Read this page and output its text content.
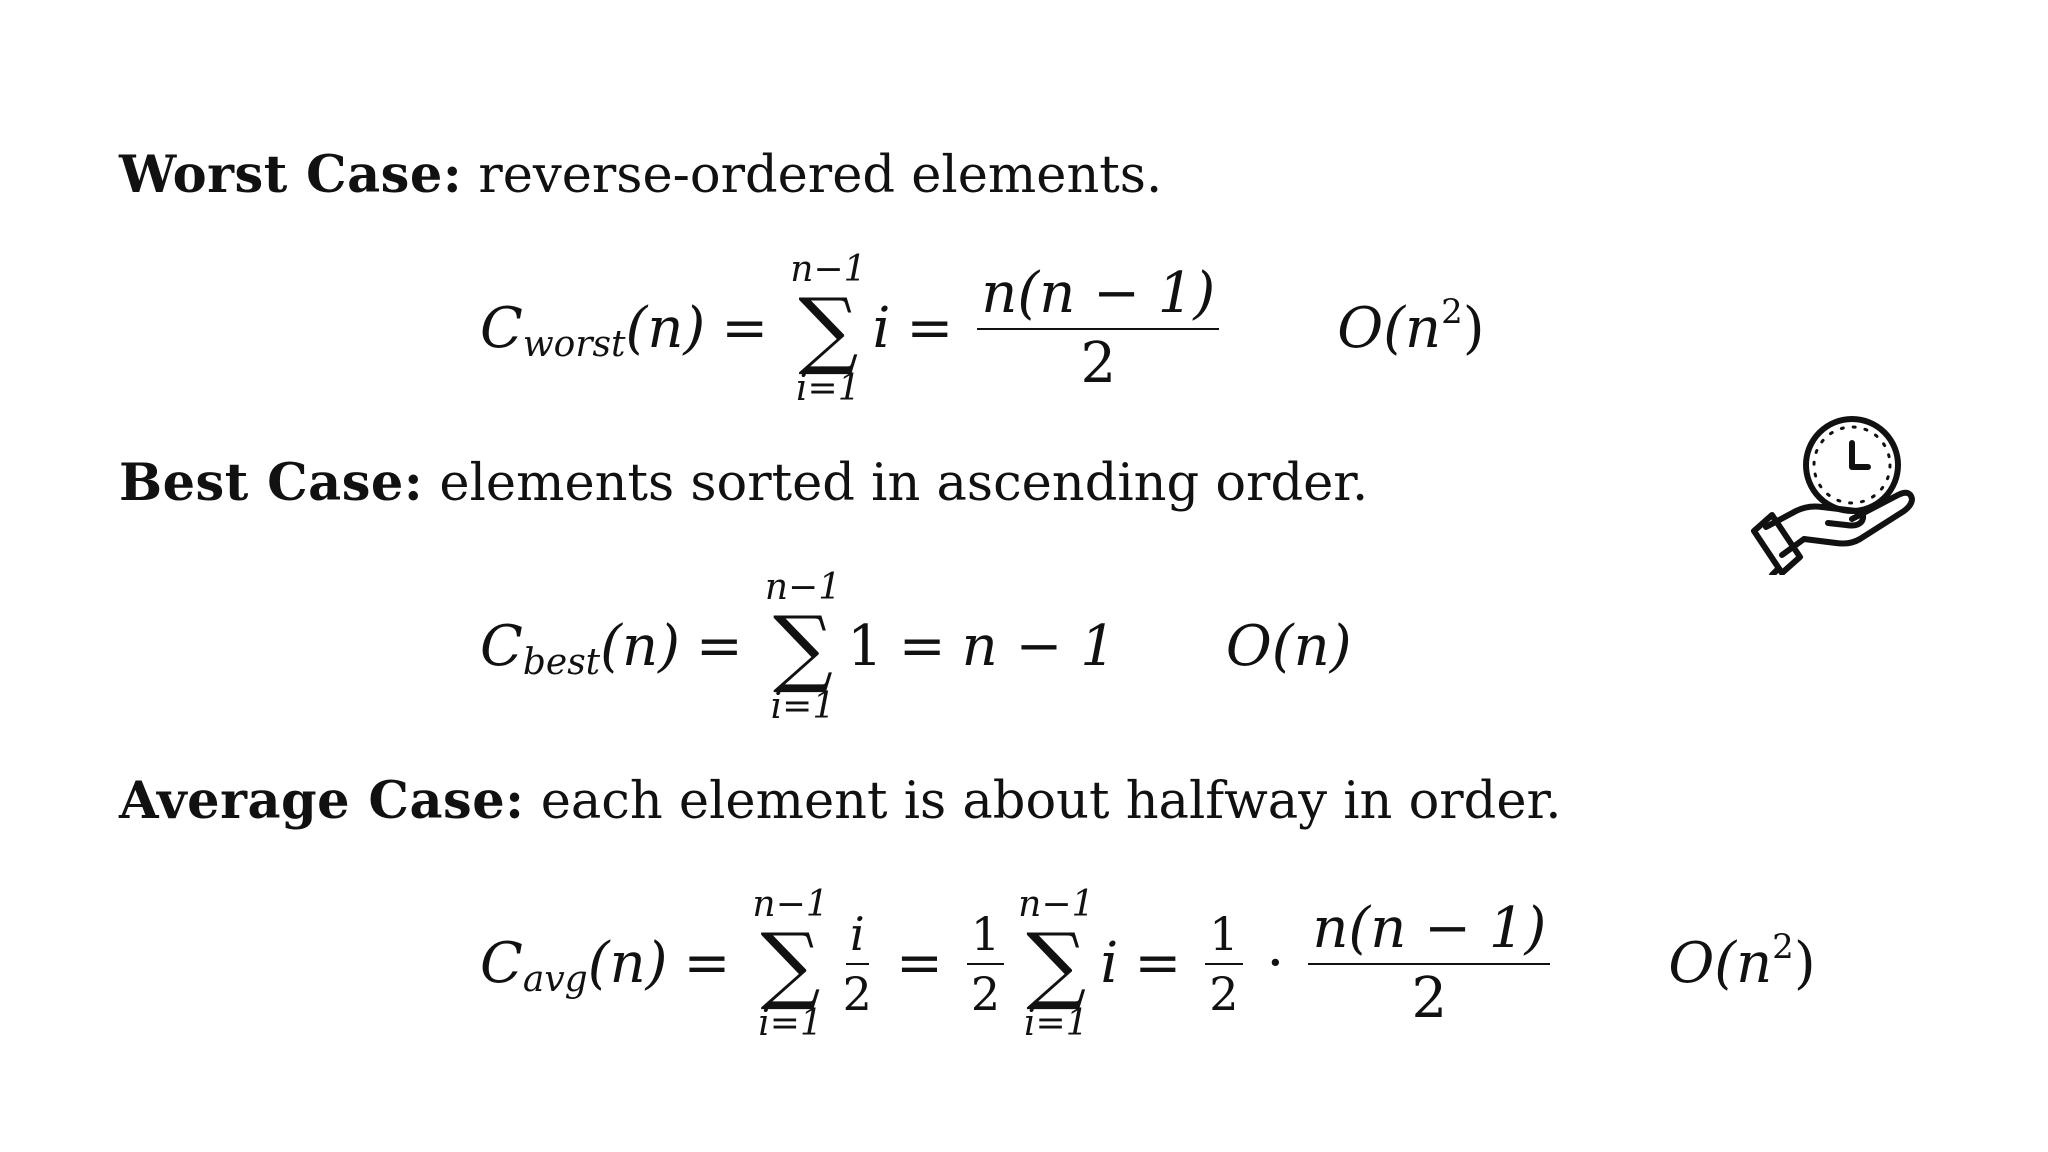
Worst Case: reverse-ordered elements.
C worst (n) =
n−1
∑
i=1
$i = \frac{n(n - 1)}{2} O(n^2)$
Best Case: elements sorted in ascending order.
C best (n) =
n−1
∑
i=1
1 = n − 1 O(n)
Average Case: each element is about halfway in order.
C avg (n) =
n−1
∑
i=1
$\frac{i}{2} = \frac{1}{2}$
n−1
∑
i=1
$i = \frac{1}{2} \cdot \frac{n(n - 1)}{2} O(n^2)$
